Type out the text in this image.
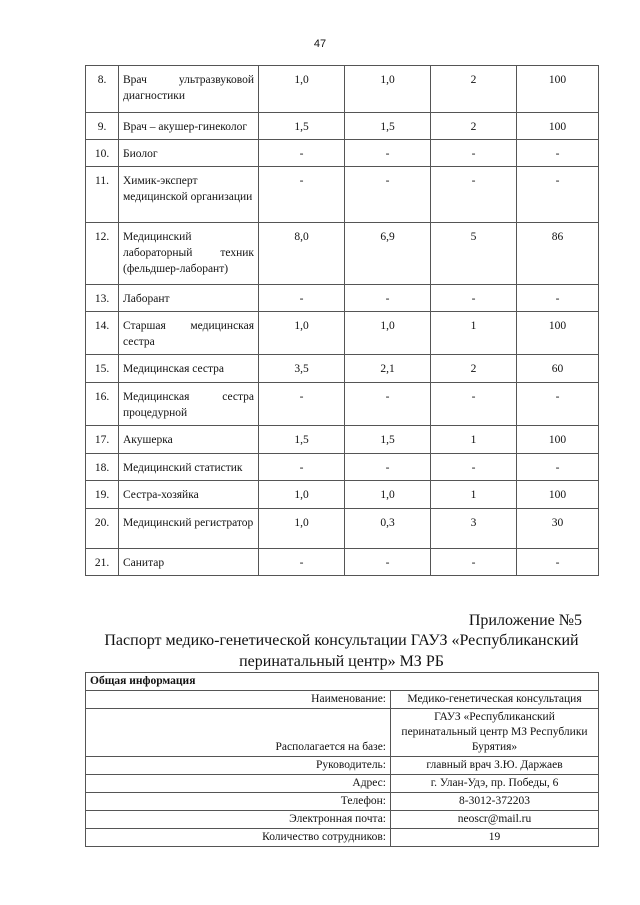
47
8.	Врач ультразвуковой диагностики	1,0	1,0	2	100
9.	Врач – акушер-гинеколог	1,5	1,5	2	100
10.	Биолог	-	-	-	-
11.	Химик-эксперт медицинской организации	-	-	-	-
12.	Медицинский лабораторный техник (фельдшер-лаборант)	8,0	6,9	5	86
13.	Лаборант	-	-	-	-
14.	Старшая медицинская сестра	1,0	1,0	1	100
15.	Медицинская сестра	3,5	2,1	2	60
16.	Медицинская сестра процедурной	-	-	-	-
17.	Акушерка	1,5	1,5	1	100
18.	Медицинский статистик	-	-	-	-
19.	Сестра-хозяйка	1,0	1,0	1	100
20.	Медицинский регистратор	1,0	0,3	3	30
21.	Санитар	-	-	-	-
Приложение №5
Паспорт медико-генетической консультации ГАУЗ «Республиканский перинатальный центр» МЗ РБ
Общая информация	
Наименование:	Медико-генетическая консультация
Располагается на базе:	ГАУЗ «Республиканский перинатальный центр МЗ Республики Бурятия»
Руководитель:	главный врач З.Ю. Даржаев
Адрес:	г. Улан-Удэ, пр. Победы, 6
Телефон:	8-3012-372203
Электронная почта:	neoscr@mail.ru
Количество сотрудников:	19
